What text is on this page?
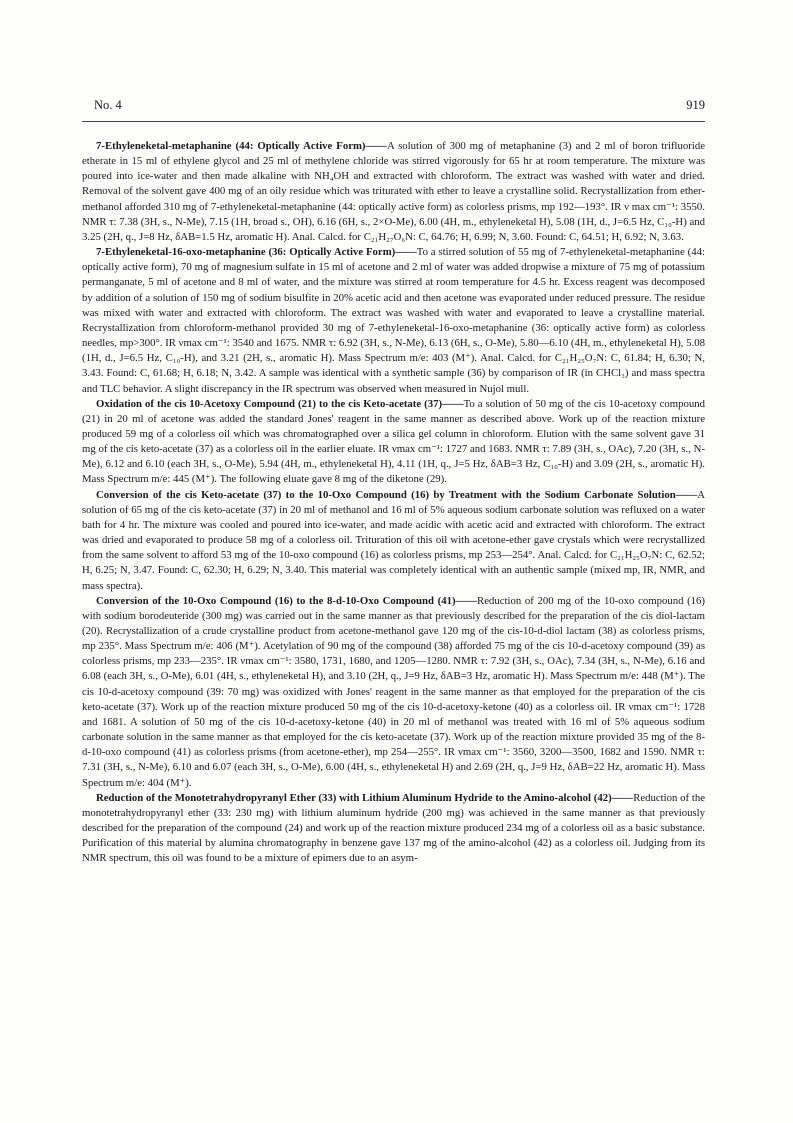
No. 4	919

7-Ethyleneketal-metaphanine (44: Optically Active Form)——A solution of 300 mg of metaphanine (3) and 2 ml of boron trifluoride etherate in 15 ml of ethylene glycol and 25 ml of methylene chloride was stirred vigorously for 65 hr at room temperature. The mixture was poured into ice-water and then made alkaline with NH₄OH and extracted with chloroform. The extract was washed with water and dried. Removal of the solvent gave 400 mg of an oily residue which was triturated with ether to leave a crystalline solid. Recrystallization from ether-methanol afforded 310 mg of 7-ethyleneketal-metaphanine (44: optically active form) as colorless prisms, mp 192—193°. IR ν max cm⁻¹: 3550. NMR τ: 7.38 (3H, s., N-Me), 7.15 (1H, broad s., OH), 6.16 (6H, s., 2×O-Me), 6.00 (4H, m., ethyleneketal H), 5.08 (1H, d., J=6.5 Hz, C₁₀-H) and 3.25 (2H, q., J=8 Hz, δAB=1.5 Hz, aromatic H). Anal. Calcd. for C₂₁H₂₇O₆N: C, 64.76; H, 6.99; N, 3.60. Found: C, 64.51; H, 6.92; N, 3.63.

7-Ethyleneketal-16-oxo-metaphanine (36: Optically Active Form)——To a stirred solution of 55 mg of 7-ethyleneketal-metaphanine (44: optically active form), 70 mg of magnesium sulfate in 15 ml of acetone and 2 ml of water was added dropwise a mixture of 75 mg of potassium permanganate, 5 ml of acetone and 8 ml of water, and the mixture was stirred at room temperature for 4.5 hr. Excess reagent was decomposed by addition of a solution of 150 mg of sodium bisulfite in 20% acetic acid and then acetone was evaporated under reduced pressure. The residue was mixed with water and extracted with chloroform. The extract was washed with water and evaporated to leave a crystalline material. Recrystallization from chloroform-methanol provided 30 mg of 7-ethyleneketal-16-oxo-metaphanine (36: optically active form) as colorless needles, mp>300°. IR νmax cm⁻¹: 3540 and 1675. NMR τ: 6.92 (3H, s., N-Me), 6.13 (6H, s., O-Me), 5.80—6.10 (4H, m., ethyleneketal H), 5.08 (1H, d., J=6.5 Hz, C₁₀-H), and 3.21 (2H, s., aromatic H). Mass Spectrum m/e: 403 (M⁺). Anal. Calcd. for C₂₁H₂₅O₇N: C, 61.84; H, 6.30; N, 3.43. Found: C, 61.68; H, 6.18; N, 3.42. A sample was identical with a synthetic sample (36) by comparison of IR (in CHCl₃) and mass spectra and TLC behavior. A slight discrepancy in the IR spectrum was observed when measured in Nujol mull.

Oxidation of the cis 10-Acetoxy Compound (21) to the cis Keto-acetate (37)——To a solution of 50 mg of the cis 10-acetoxy compound (21) in 20 ml of acetone was added the standard Jones' reagent in the same manner as described above. Work up of the reaction mixture produced 59 mg of a colorless oil which was chromatographed over a silica gel column in chloroform. Elution with the same solvent gave 31 mg of the cis keto-acetate (37) as a colorless oil in the earlier eluate. IR νmax cm⁻¹: 1727 and 1683. NMR τ: 7.89 (3H, s., OAc), 7.20 (3H, s., N-Me), 6.12 and 6.10 (each 3H, s., O-Me), 5.94 (4H, m., ethyleneketal H), 4.11 (1H, q., J=5 Hz, δAB=3 Hz, C₁₀-H) and 3.09 (2H, s., aromatic H). Mass Spectrum m/e: 445 (M⁺). The following eluate gave 8 mg of the diketone (29).

Conversion of the cis Keto-acetate (37) to the 10-Oxo Compound (16) by Treatment with the Sodium Carbonate Solution——A solution of 65 mg of the cis keto-acetate (37) in 20 ml of methanol and 16 ml of 5% aqueous sodium carbonate solution was refluxed on a water bath for 4 hr. The mixture was cooled and poured into ice-water, and made acidic with acetic acid and extracted with chloroform. The extract was dried and evaporated to produce 58 mg of a colorless oil. Trituration of this oil with acetone-ether gave crystals which were recrystallized from the same solvent to afford 53 mg of the 10-oxo compound (16) as colorless prisms, mp 253—254°. Anal. Calcd. for C₂₁H₂₅O₇N: C, 62.52; H, 6.25; N, 3.47. Found: C, 62.30; H, 6.29; N, 3.40. This material was completely identical with an authentic sample (mixed mp, IR, NMR, and mass spectra).

Conversion of the 10-Oxo Compound (16) to the 8-d-10-Oxo Compound (41)——Reduction of 200 mg of the 10-oxo compound (16) with sodium borodeuteride (300 mg) was carried out in the same manner as that previously described for the preparation of the cis diol-lactam (20). Recrystallization of a crude crystalline product from acetone-methanol gave 120 mg of the cis-10-d-diol lactam (38) as colorless prisms, mp 235°. Mass Spectrum m/e: 406 (M⁺). Acetylation of 90 mg of the compound (38) afforded 75 mg of the cis 10-d-acetoxy compound (39) as colorless prisms, mp 233—235°. IR νmax cm⁻¹: 3580, 1731, 1680, and 1205—1280. NMR τ: 7.92 (3H, s., OAc), 7.34 (3H, s., N-Me), 6.16 and 6.08 (each 3H, s., O-Me), 6.01 (4H, s., ethyleneketal H), and 3.10 (2H, q., J=9 Hz, δAB=3 Hz, aromatic H). Mass Spectrum m/e: 448 (M⁺). The cis 10-d-acetoxy compound (39: 70 mg) was oxidized with Jones' reagent in the same manner as that employed for the preparation of the cis keto-acetate (37). Work up of the reaction mixture produced 50 mg of the cis 10-d-acetoxy-ketone (40) as a colorless oil. IR νmax cm⁻¹: 1728 and 1681. A solution of 50 mg of the cis 10-d-acetoxy-ketone (40) in 20 ml of methanol was treated with 16 ml of 5% aqueous sodium carbonate solution in the same manner as that employed for the cis keto-acetate (37). Work up of the reaction mixture provided 35 mg of the 8-d-10-oxo compound (41) as colorless prisms (from acetone-ether), mp 254—255°. IR νmax cm⁻¹: 3560, 3200—3500, 1682 and 1590. NMR τ: 7.31 (3H, s., N-Me), 6.10 and 6.07 (each 3H, s., O-Me), 6.00 (4H, s., ethyleneketal H) and 2.69 (2H, q., J=9 Hz, δAB=22 Hz, aromatic H). Mass Spectrum m/e: 404 (M⁺).

Reduction of the Monotetrahydropyranyl Ether (33) with Lithium Aluminum Hydride to the Amino-alcohol (42)——Reduction of the monotetrahydropyranyl ether (33: 230 mg) with lithium aluminum hydride (200 mg) was achieved in the same manner as that previously described for the preparation of the compound (24) and work up of the reaction mixture produced 234 mg of a colorless oil as a basic substance. Purification of this material by alumina chromatography in benzene gave 137 mg of the amino-alcohol (42) as a colorless oil. Judging from its NMR spectrum, this oil was found to be a mixture of epimers due to an asym-
